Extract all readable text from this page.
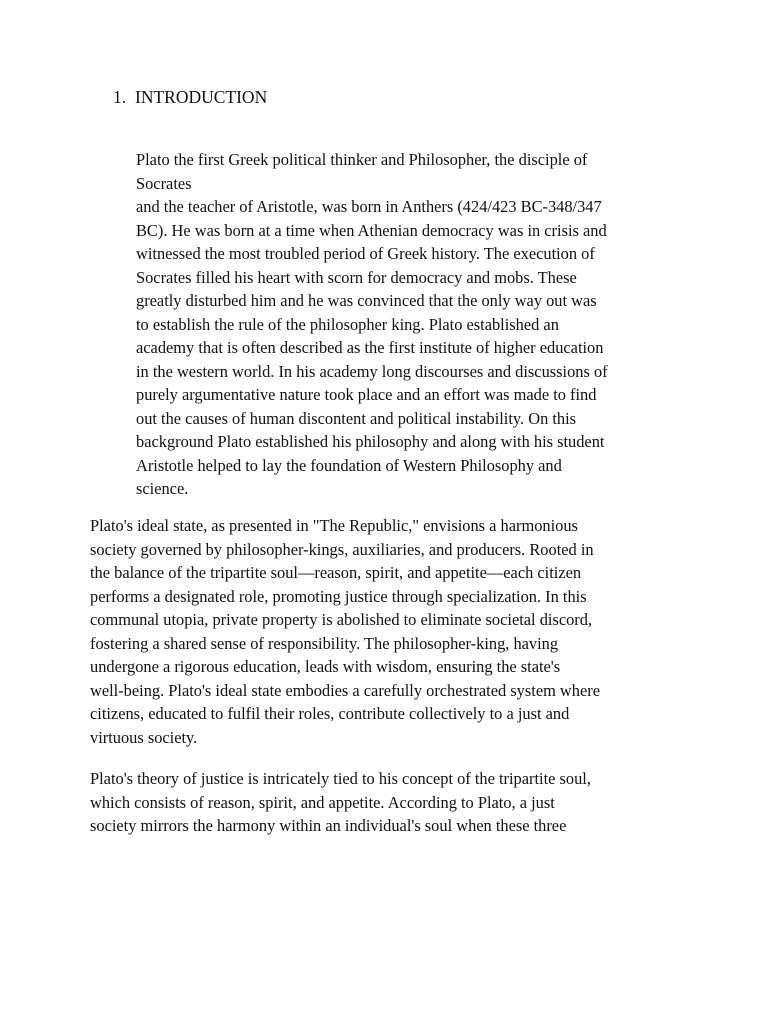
1. INTRODUCTION

Plato the first Greek political thinker and Philosopher, the disciple of
Socrates
and the teacher of Aristotle, was born in Anthers (424/423 BC-348/347
BC). He was born at a time when Athenian democracy was in crisis and
witnessed the most troubled period of Greek history. The execution of
Socrates filled his heart with scorn for democracy and mobs. These
greatly disturbed him and he was convinced that the only way out was
to establish the rule of the philosopher king. Plato established an
academy that is often described as the first institute of higher education
in the western world. In his academy long discourses and discussions of
purely argumentative nature took place and an effort was made to find
out the causes of human discontent and political instability. On this
background Plato established his philosophy and along with his student
Aristotle helped to lay the foundation of Western Philosophy and
science.

Plato's ideal state, as presented in "The Republic," envisions a harmonious
society governed by philosopher-kings, auxiliaries, and producers. Rooted in
the balance of the tripartite soul—reason, spirit, and appetite—each citizen
performs a designated role, promoting justice through specialization. In this
communal utopia, private property is abolished to eliminate societal discord,
fostering a shared sense of responsibility. The philosopher-king, having
undergone a rigorous education, leads with wisdom, ensuring the state's
well-being. Plato's ideal state embodies a carefully orchestrated system where
citizens, educated to fulfil their roles, contribute collectively to a just and
virtuous society.

Plato's theory of justice is intricately tied to his concept of the tripartite soul,
which consists of reason, spirit, and appetite. According to Plato, a just
society mirrors the harmony within an individual's soul when these three
